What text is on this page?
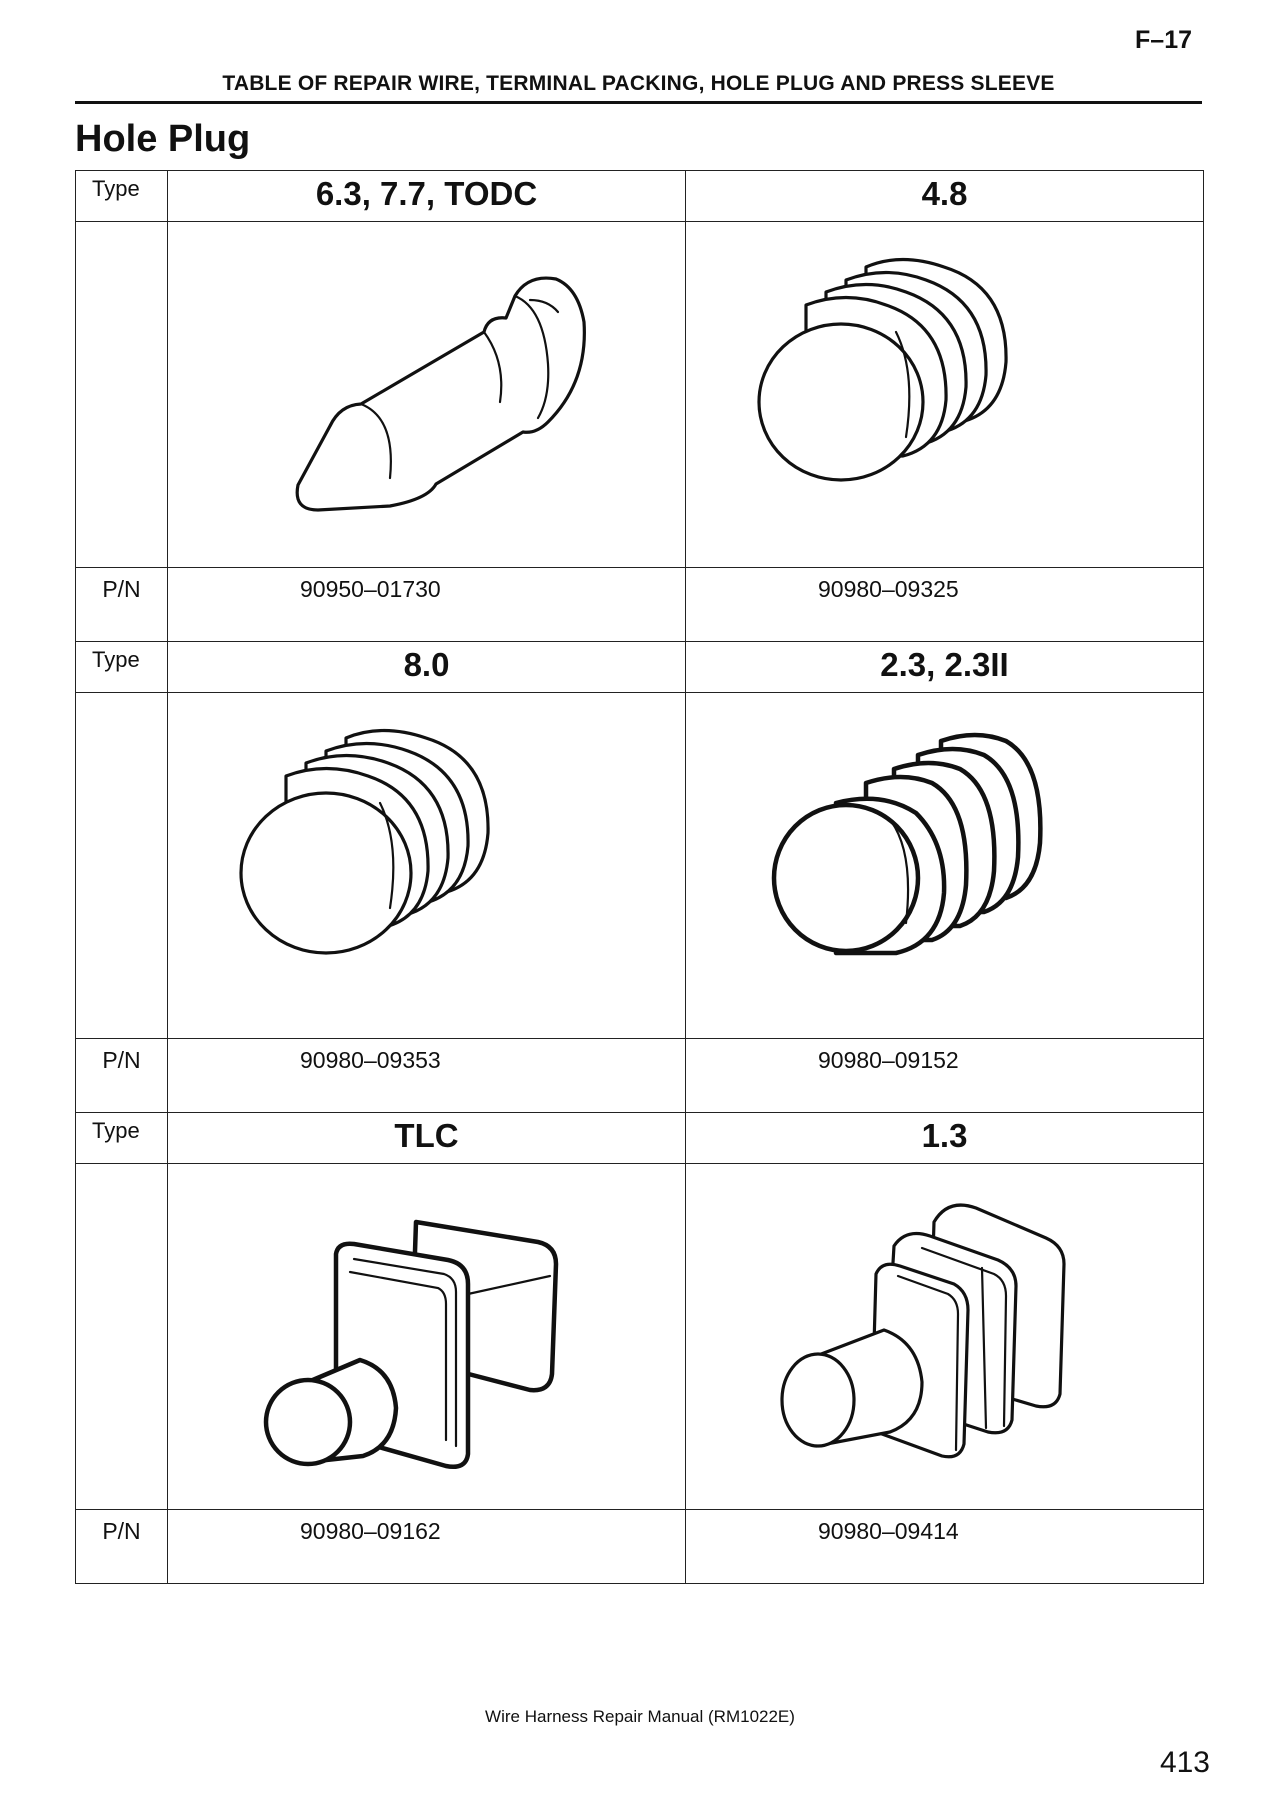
F–17
TABLE OF REPAIR WIRE, TERMINAL PACKING, HOLE PLUG AND PRESS SLEEVE
Hole Plug
Type	6.3, 7.7, TODC	4.8

P/N	90950–01730	90980–09325

Type	8.0	2.3, 2.3II

P/N	90980–09353	90980–09152

Type	TLC	1.3

P/N	90980–09162	90980–09414
Wire Harness Repair Manual (RM1022E)
413
